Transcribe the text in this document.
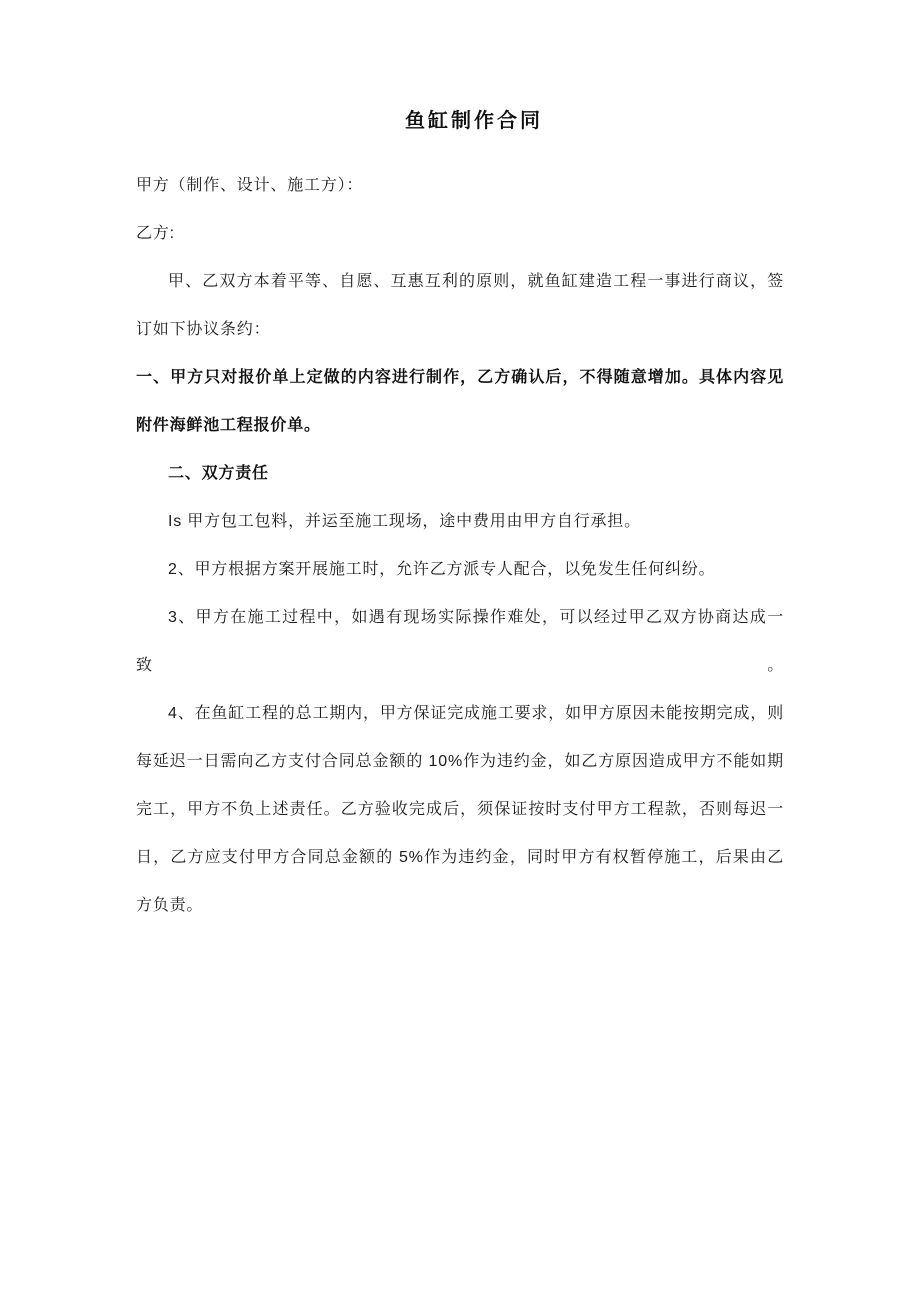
鱼缸制作合同

甲方（制作、设计、施工方）：

乙方:

甲、乙双方本着平等、自愿、互惠互利的原则，就鱼缸建造工程一事进行商议，签订如下协议条约：

一、甲方只对报价单上定做的内容进行制作，乙方确认后，不得随意增加。具体内容见附件海鲜池工程报价单。

二、双方责任

Is 甲方包工包料，并运至施工现场，途中费用由甲方自行承担。

2、甲方根据方案开展施工时，允许乙方派专人配合，以免发生任何纠纷。

3、甲方在施工过程中，如遇有现场实际操作难处，可以经过甲乙双方协商达成一致。

4、在鱼缸工程的总工期内，甲方保证完成施工要求，如甲方原因未能按期完成，则每延迟一日需向乙方支付合同总金额的 10%作为违约金，如乙方原因造成甲方不能如期完工，甲方不负上述责任。乙方验收完成后，须保证按时支付甲方工程款，否则每迟一日，乙方应支付甲方合同总金额的 5%作为违约金，同时甲方有权暂停施工，后果由乙方负责。
